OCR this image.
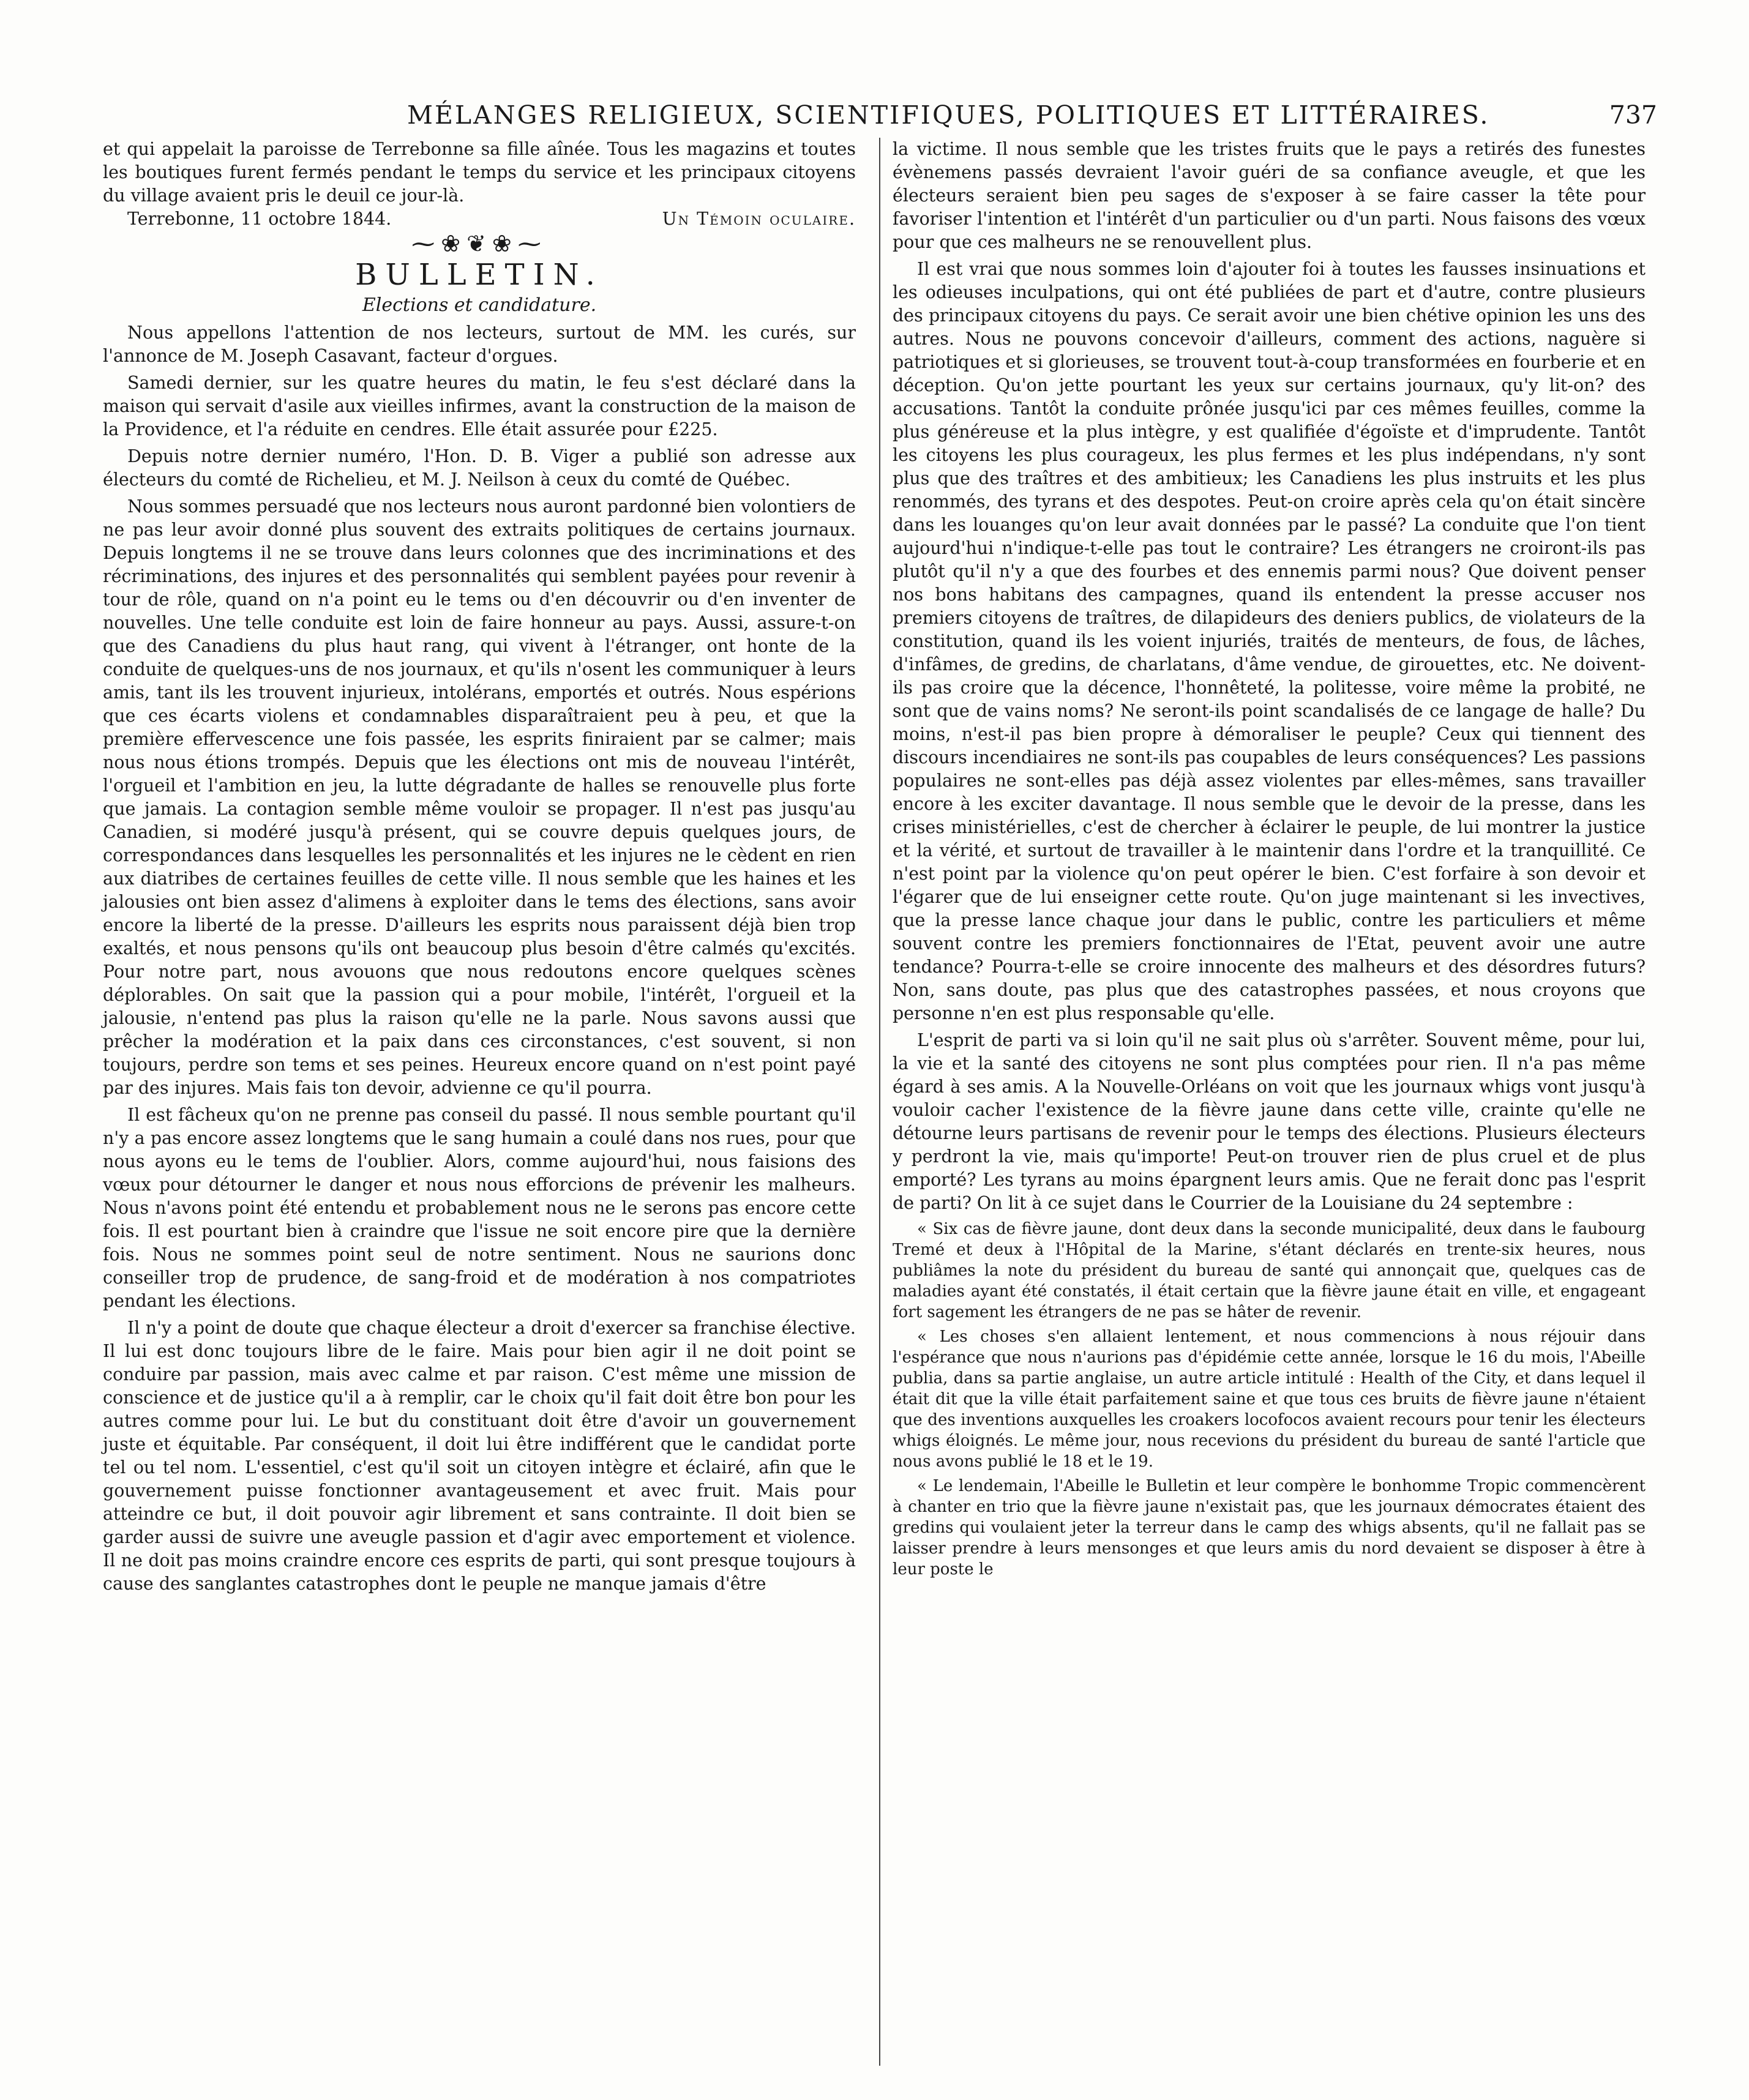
MÉLANGES RELIGIEUX, SCIENTIFIQUES, POLITIQUES ET LITTÉRAIRES.	737

et qui appelait la paroisse de Terrebonne sa fille aînée. Tous les magazins et toutes les boutiques furent fermés pendant le temps du service et les principaux citoyens du village avaient pris le deuil ce jour-là.

Terrebonne, 11 octobre 1844.	Un Témoin oculaire.
⁓❀❦❀⁓
BULLETIN.
Elections et candidature.

Nous appellons l'attention de nos lecteurs, surtout de MM. les curés, sur l'annonce de M. Joseph Casavant, facteur d'orgues.

Samedi dernier, sur les quatre heures du matin, le feu s'est déclaré dans la maison qui servait d'asile aux vieilles infirmes, avant la construction de la maison de la Providence, et l'a réduite en cendres. Elle était assurée pour £225.

Depuis notre dernier numéro, l'Hon. D. B. Viger a publié son adresse aux électeurs du comté de Richelieu, et M. J. Neilson à ceux du comté de Québec.

Nous sommes persuadé que nos lecteurs nous auront pardonné bien volontiers de ne pas leur avoir donné plus souvent des extraits politiques de certains journaux. Depuis longtems il ne se trouve dans leurs colonnes que des incriminations et des récriminations, des injures et des personnalités qui semblent payées pour revenir à tour de rôle, quand on n'a point eu le tems ou d'en découvrir ou d'en inventer de nouvelles. Une telle conduite est loin de faire honneur au pays. Aussi, assure-t-on que des Canadiens du plus haut rang, qui vivent à l'étranger, ont honte de la conduite de quelques-uns de nos journaux, et qu'ils n'osent les communiquer à leurs amis, tant ils les trouvent injurieux, intolérans, emportés et outrés. Nous espérions que ces écarts violens et condamnables disparaîtraient peu à peu, et que la première effervescence une fois passée, les esprits finiraient par se calmer; mais nous nous étions trompés. Depuis que les élections ont mis de nouveau l'intérêt, l'orgueil et l'ambition en jeu, la lutte dégradante de halles se renouvelle plus forte que jamais. La contagion semble même vouloir se propager. Il n'est pas jusqu'au Canadien, si modéré jusqu'à présent, qui se couvre depuis quelques jours, de correspondances dans lesquelles les personnalités et les injures ne le cèdent en rien aux diatribes de certaines feuilles de cette ville. Il nous semble que les haines et les jalousies ont bien assez d'alimens à exploiter dans le tems des élections, sans avoir encore la liberté de la presse. D'ailleurs les esprits nous paraissent déjà bien trop exaltés, et nous pensons qu'ils ont beaucoup plus besoin d'être calmés qu'excités. Pour notre part, nous avouons que nous redoutons encore quelques scènes déplorables. On sait que la passion qui a pour mobile, l'intérêt, l'orgueil et la jalousie, n'entend pas plus la raison qu'elle ne la parle. Nous savons aussi que prêcher la modération et la paix dans ces circonstances, c'est souvent, si non toujours, perdre son tems et ses peines. Heureux encore quand on n'est point payé par des injures. Mais fais ton devoir, advienne ce qu'il pourra.

Il est fâcheux qu'on ne prenne pas conseil du passé. Il nous semble pourtant qu'il n'y a pas encore assez longtems que le sang humain a coulé dans nos rues, pour que nous ayons eu le tems de l'oublier. Alors, comme aujourd'hui, nous faisions des vœux pour détourner le danger et nous nous efforcions de prévenir les malheurs. Nous n'avons point été entendu et probablement nous ne le serons pas encore cette fois. Il est pourtant bien à craindre que l'issue ne soit encore pire que la dernière fois. Nous ne sommes point seul de notre sentiment. Nous ne saurions donc conseiller trop de prudence, de sang-froid et de modération à nos compatriotes pendant les élections.

Il n'y a point de doute que chaque électeur a droit d'exercer sa franchise élective. Il lui est donc toujours libre de le faire. Mais pour bien agir il ne doit point se conduire par passion, mais avec calme et par raison. C'est même une mission de conscience et de justice qu'il a à remplir, car le choix qu'il fait doit être bon pour les autres comme pour lui. Le but du constituant doit être d'avoir un gouvernement juste et équitable. Par conséquent, il doit lui être indifférent que le candidat porte tel ou tel nom. L'essentiel, c'est qu'il soit un citoyen intègre et éclairé, afin que le gouvernement puisse fonctionner avantageusement et avec fruit. Mais pour atteindre ce but, il doit pouvoir agir librement et sans contrainte. Il doit bien se garder aussi de suivre une aveugle passion et d'agir avec emportement et violence. Il ne doit pas moins craindre encore ces esprits de parti, qui sont presque toujours à cause des sanglantes catastrophes dont le peuple ne manque jamais d'être

la victime. Il nous semble que les tristes fruits que le pays a retirés des funestes évènemens passés devraient l'avoir guéri de sa confiance aveugle, et que les électeurs seraient bien peu sages de s'exposer à se faire casser la tête pour favoriser l'intention et l'intérêt d'un particulier ou d'un parti. Nous faisons des vœux pour que ces malheurs ne se renouvellent plus.

Il est vrai que nous sommes loin d'ajouter foi à toutes les fausses insinuations et les odieuses inculpations, qui ont été publiées de part et d'autre, contre plusieurs des principaux citoyens du pays. Ce serait avoir une bien chétive opinion les uns des autres. Nous ne pouvons concevoir d'ailleurs, comment des actions, naguère si patriotiques et si glorieuses, se trouvent tout-à-coup transformées en fourberie et en déception. Qu'on jette pourtant les yeux sur certains journaux, qu'y lit-on? des accusations. Tantôt la conduite prônée jusqu'ici par ces mêmes feuilles, comme la plus généreuse et la plus intègre, y est qualifiée d'égoïste et d'imprudente. Tantôt les citoyens les plus courageux, les plus fermes et les plus indépendans, n'y sont plus que des traîtres et des ambitieux; les Canadiens les plus instruits et les plus renommés, des tyrans et des despotes. Peut-on croire après cela qu'on était sincère dans les louanges qu'on leur avait données par le passé? La conduite que l'on tient aujourd'hui n'indique-t-elle pas tout le contraire? Les étrangers ne croiront-ils pas plutôt qu'il n'y a que des fourbes et des ennemis parmi nous? Que doivent penser nos bons habitans des campagnes, quand ils entendent la presse accuser nos premiers citoyens de traîtres, de dilapideurs des deniers publics, de violateurs de la constitution, quand ils les voient injuriés, traités de menteurs, de fous, de lâches, d'infâmes, de gredins, de charlatans, d'âme vendue, de girouettes, etc. Ne doivent-ils pas croire que la décence, l'honnêteté, la politesse, voire même la probité, ne sont que de vains noms? Ne seront-ils point scandalisés de ce langage de halle? Du moins, n'est-il pas bien propre à démoraliser le peuple? Ceux qui tiennent des discours incendiaires ne sont-ils pas coupables de leurs conséquences? Les passions populaires ne sont-elles pas déjà assez violentes par elles-mêmes, sans travailler encore à les exciter davantage. Il nous semble que le devoir de la presse, dans les crises ministérielles, c'est de chercher à éclairer le peuple, de lui montrer la justice et la vérité, et surtout de travailler à le maintenir dans l'ordre et la tranquillité. Ce n'est point par la violence qu'on peut opérer le bien. C'est forfaire à son devoir et l'égarer que de lui enseigner cette route. Qu'on juge maintenant si les invectives, que la presse lance chaque jour dans le public, contre les particuliers et même souvent contre les premiers fonctionnaires de l'Etat, peuvent avoir une autre tendance? Pourra-t-elle se croire innocente des malheurs et des désordres futurs? Non, sans doute, pas plus que des catastrophes passées, et nous croyons que personne n'en est plus responsable qu'elle.

L'esprit de parti va si loin qu'il ne sait plus où s'arrêter. Souvent même, pour lui, la vie et la santé des citoyens ne sont plus comptées pour rien. Il n'a pas même égard à ses amis. A la Nouvelle-Orléans on voit que les journaux whigs vont jusqu'à vouloir cacher l'existence de la fièvre jaune dans cette ville, crainte qu'elle ne détourne leurs partisans de revenir pour le temps des élections. Plusieurs électeurs y perdront la vie, mais qu'importe! Peut-on trouver rien de plus cruel et de plus emporté? Les tyrans au moins épargnent leurs amis. Que ne ferait donc pas l'esprit de parti? On lit à ce sujet dans le Courrier de la Louisiane du 24 septembre :

« Six cas de fièvre jaune, dont deux dans la seconde municipalité, deux dans le faubourg Tremé et deux à l'Hôpital de la Marine, s'étant déclarés en trente-six heures, nous publiâmes la note du président du bureau de santé qui annonçait que, quelques cas de maladies ayant été constatés, il était certain que la fièvre jaune était en ville, et engageant fort sagement les étrangers de ne pas se hâter de revenir.

« Les choses s'en allaient lentement, et nous commencions à nous réjouir dans l'espérance que nous n'aurions pas d'épidémie cette année, lorsque le 16 du mois, l'Abeille publia, dans sa partie anglaise, un autre article intitulé : Health of the City, et dans lequel il était dit que la ville était parfaitement saine et que tous ces bruits de fièvre jaune n'étaient que des inventions auxquelles les croakers locofocos avaient recours pour tenir les électeurs whigs éloignés. Le même jour, nous recevions du président du bureau de santé l'article que nous avons publié le 18 et le 19.

« Le lendemain, l'Abeille le Bulletin et leur compère le bonhomme Tropic commencèrent à chanter en trio que la fièvre jaune n'existait pas, que les journaux démocrates étaient des gredins qui voulaient jeter la terreur dans le camp des whigs absents, qu'il ne fallait pas se laisser prendre à leurs mensonges et que leurs amis du nord devaient se disposer à être à leur poste le
